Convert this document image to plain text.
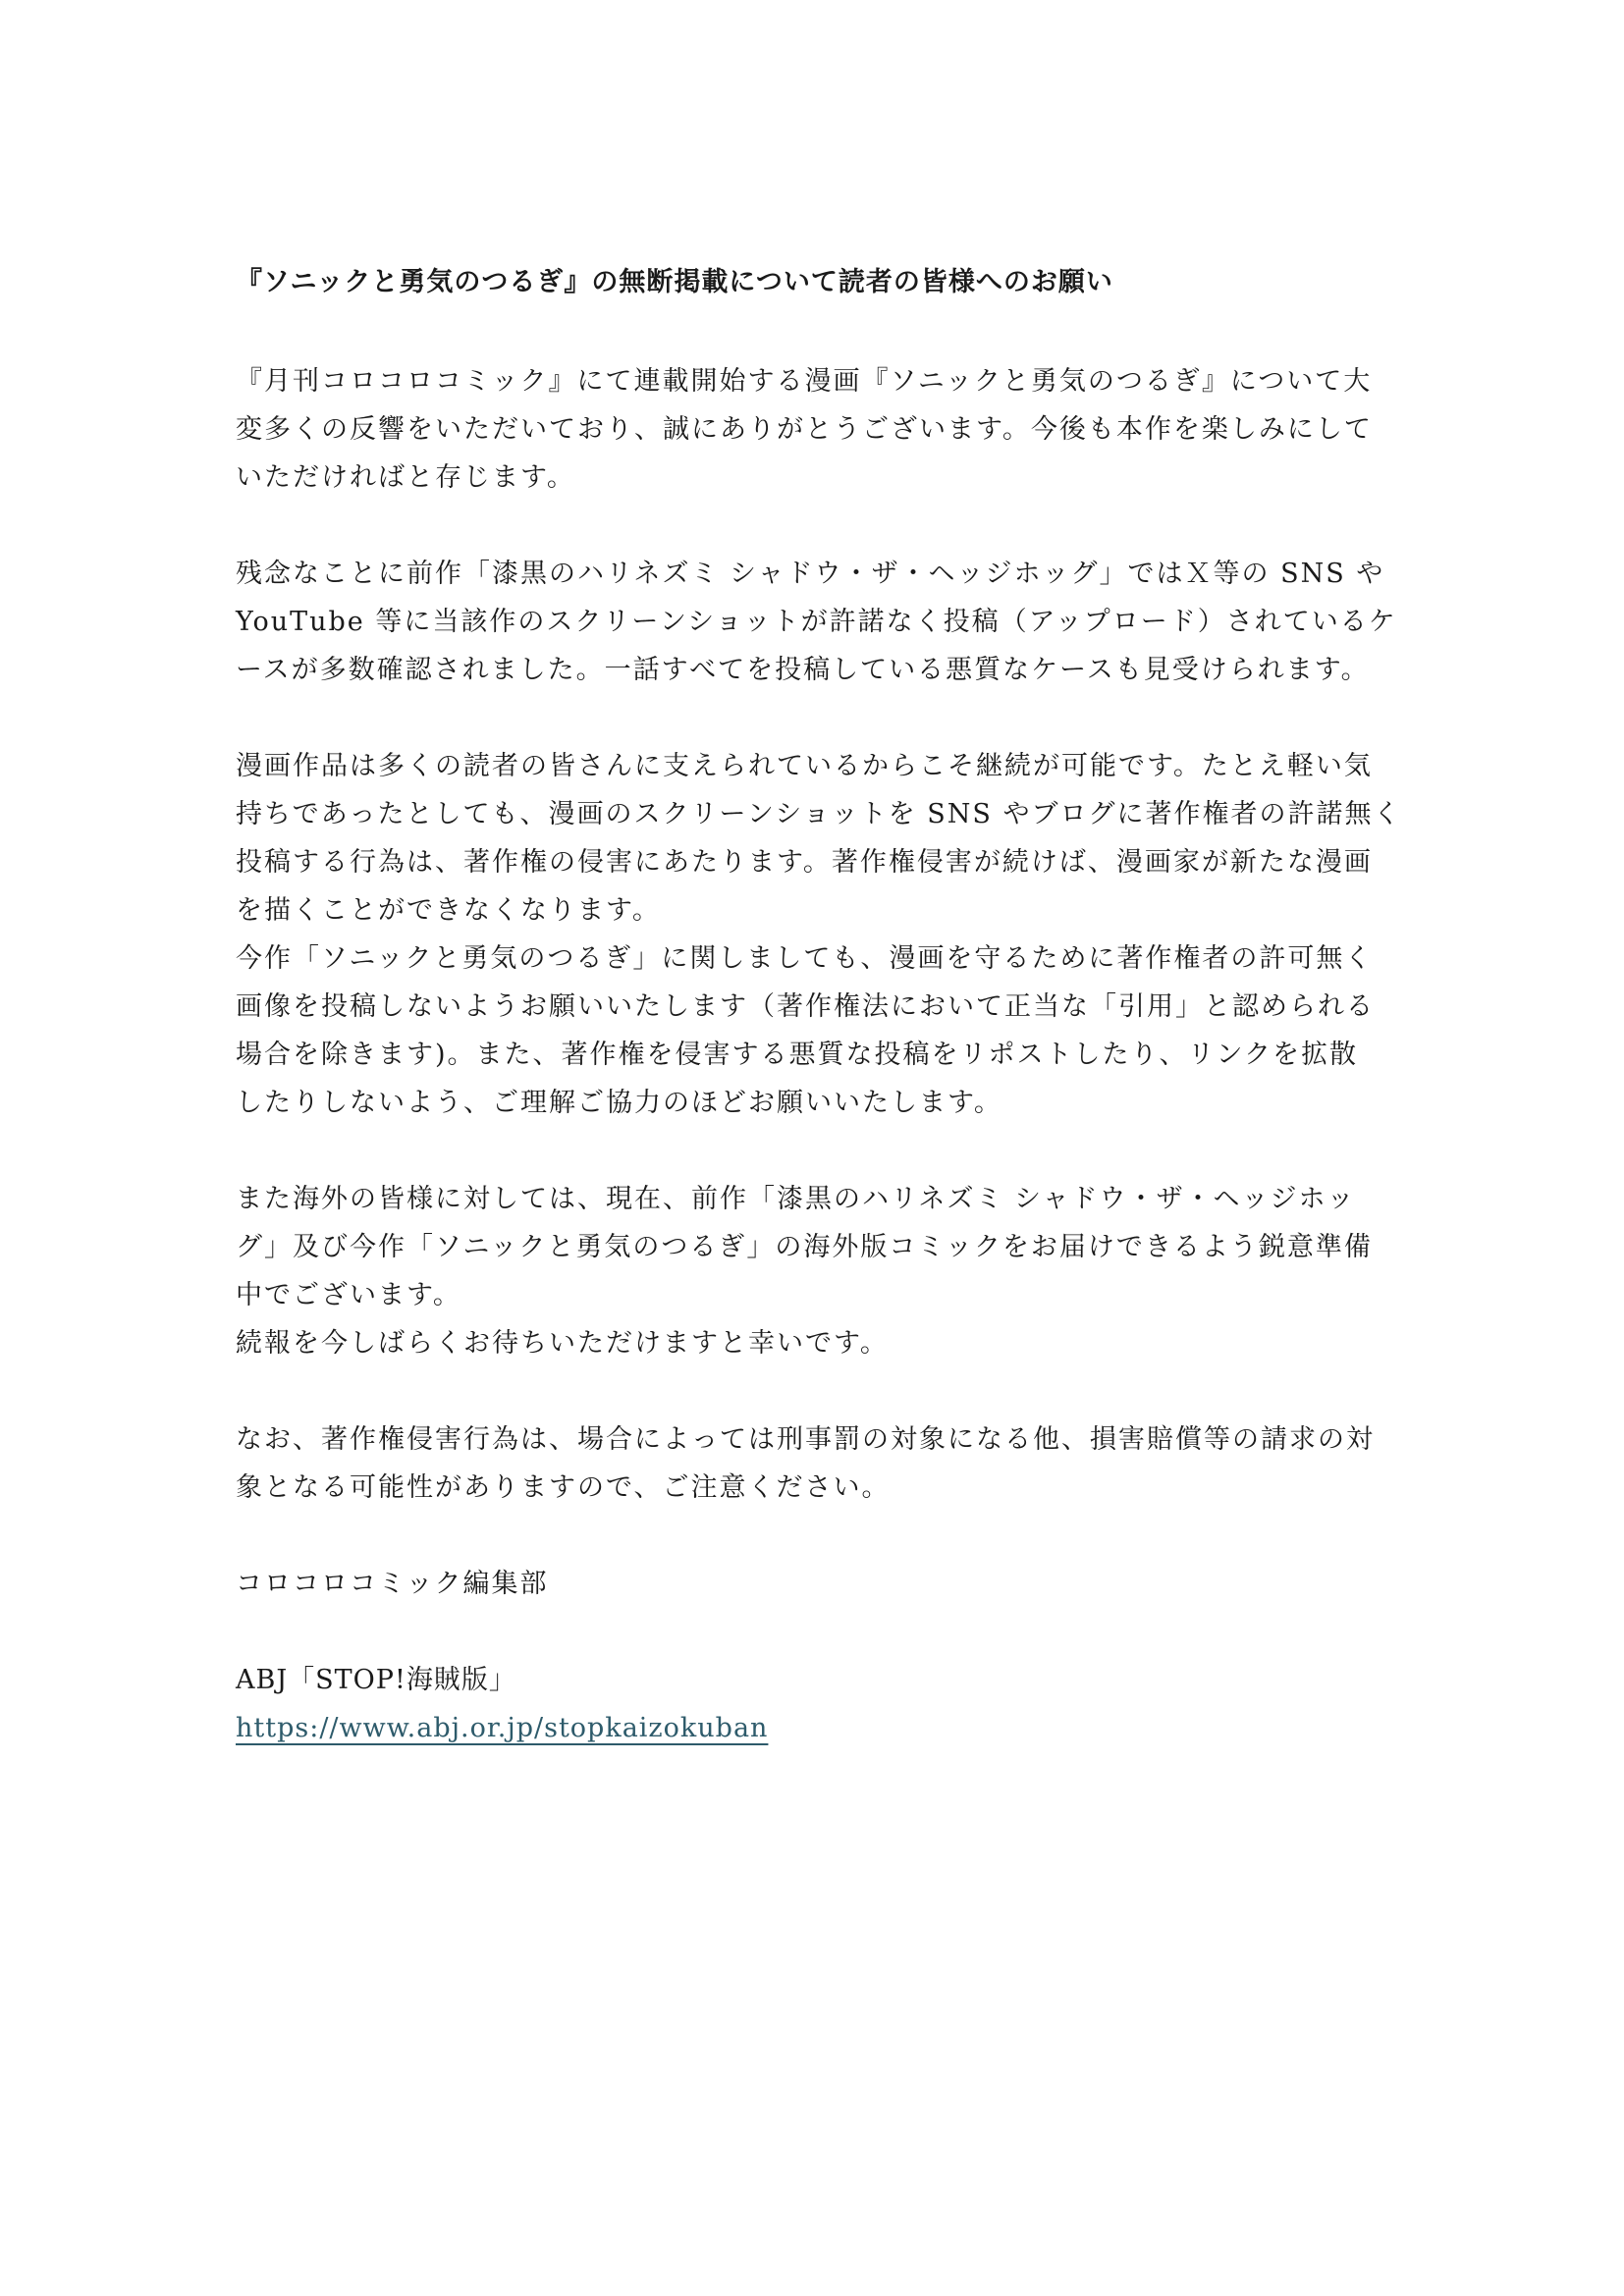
『ソニックと勇気のつるぎ』の無断掲載について読者の皆様へのお願い
『月刊コロコロコミック』にて連載開始する漫画『ソニックと勇気のつるぎ』について大
変多くの反響をいただいており、誠にありがとうございます。今後も本作を楽しみにして
いただければと存じます。
残念なことに前作「漆黒のハリネズミ シャドウ・ザ・ヘッジホッグ」ではＸ等の SNS や
YouTube 等に当該作のスクリーンショットが許諾なく投稿（アップロード）されているケ
ースが多数確認されました。一話すべてを投稿している悪質なケースも見受けられます。
漫画作品は多くの読者の皆さんに支えられているからこそ継続が可能です。たとえ軽い気
持ちであったとしても、漫画のスクリーンショットを SNS やブログに著作権者の許諾無く
投稿する行為は、著作権の侵害にあたります。著作権侵害が続けば、漫画家が新たな漫画
を描くことができなくなります。
今作「ソニックと勇気のつるぎ」に関しましても、漫画を守るために著作権者の許可無く
画像を投稿しないようお願いいたします（著作権法において正当な「引用」と認められる
場合を除きます)。また、著作権を侵害する悪質な投稿をリポストしたり、リンクを拡散
したりしないよう、ご理解ご協力のほどお願いいたします。
また海外の皆様に対しては、現在、前作「漆黒のハリネズミ シャドウ・ザ・ヘッジホッ
グ」及び今作「ソニックと勇気のつるぎ」の海外版コミックをお届けできるよう鋭意準備
中でございます。
続報を今しばらくお待ちいただけますと幸いです。
なお、著作権侵害行為は、場合によっては刑事罰の対象になる他、損害賠償等の請求の対
象となる可能性がありますので、ご注意ください。
コロコロコミック編集部
ABJ「STOP!海賊版」
https://www.abj.or.jp/stopkaizokuban
